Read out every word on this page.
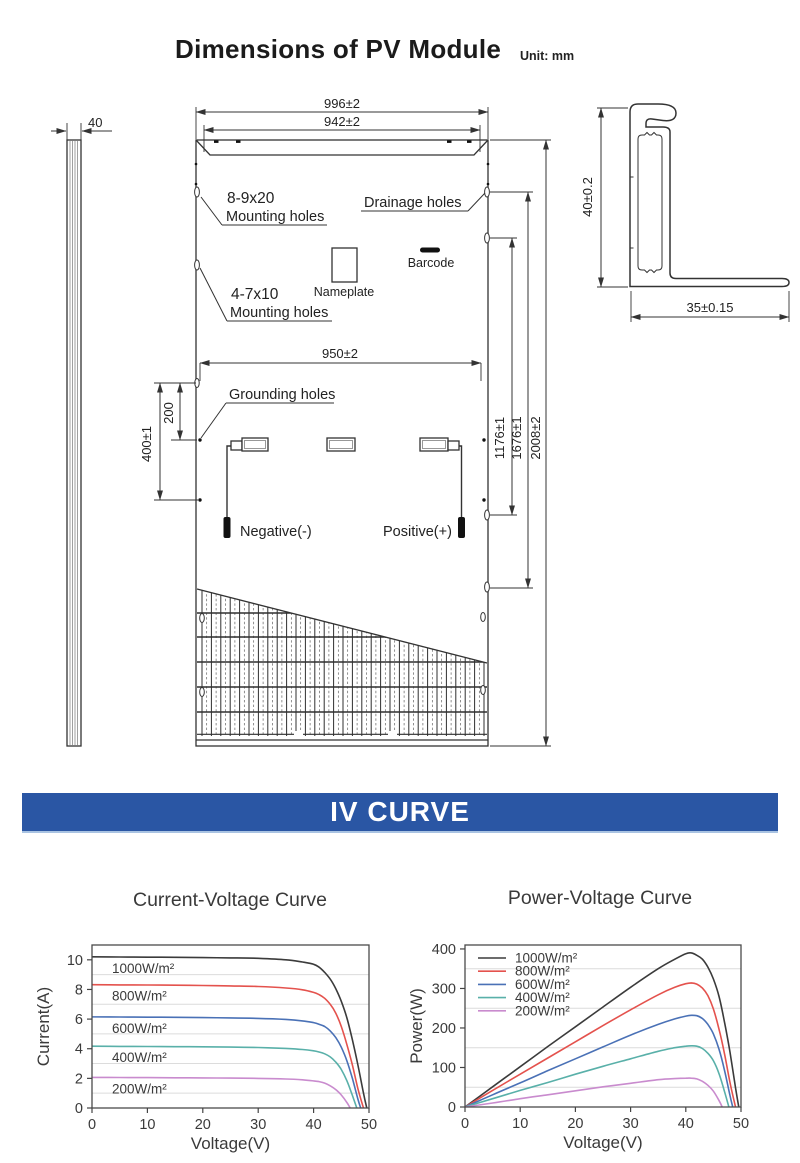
Dimensions of PV Module Unit: mm
40
996±2
942±2
950±2
400±1
200
1176±1 1676±1 2008±2
8-9x20
Mounting holes
Drainage holes
4-7x10
Mounting holes
Grounding holes
Nameplate
Barcode
Negative(-)	Positive(+)
40±0.2
35±0.15
IV CURVE
Current-Voltage Curve	Power-Voltage Curve
0	10	20	30	40	50
0
2
4
6
8
10
Voltage(V)
Current(A)
1000W/m²
800W/m²
600W/m²
400W/m²
200W/m²
0	10	20	30	40	50
0
100
200
300
400
Voltage(V)
Power(W)
1000W/m²
800W/m²
600W/m²
400W/m²
200W/m²
